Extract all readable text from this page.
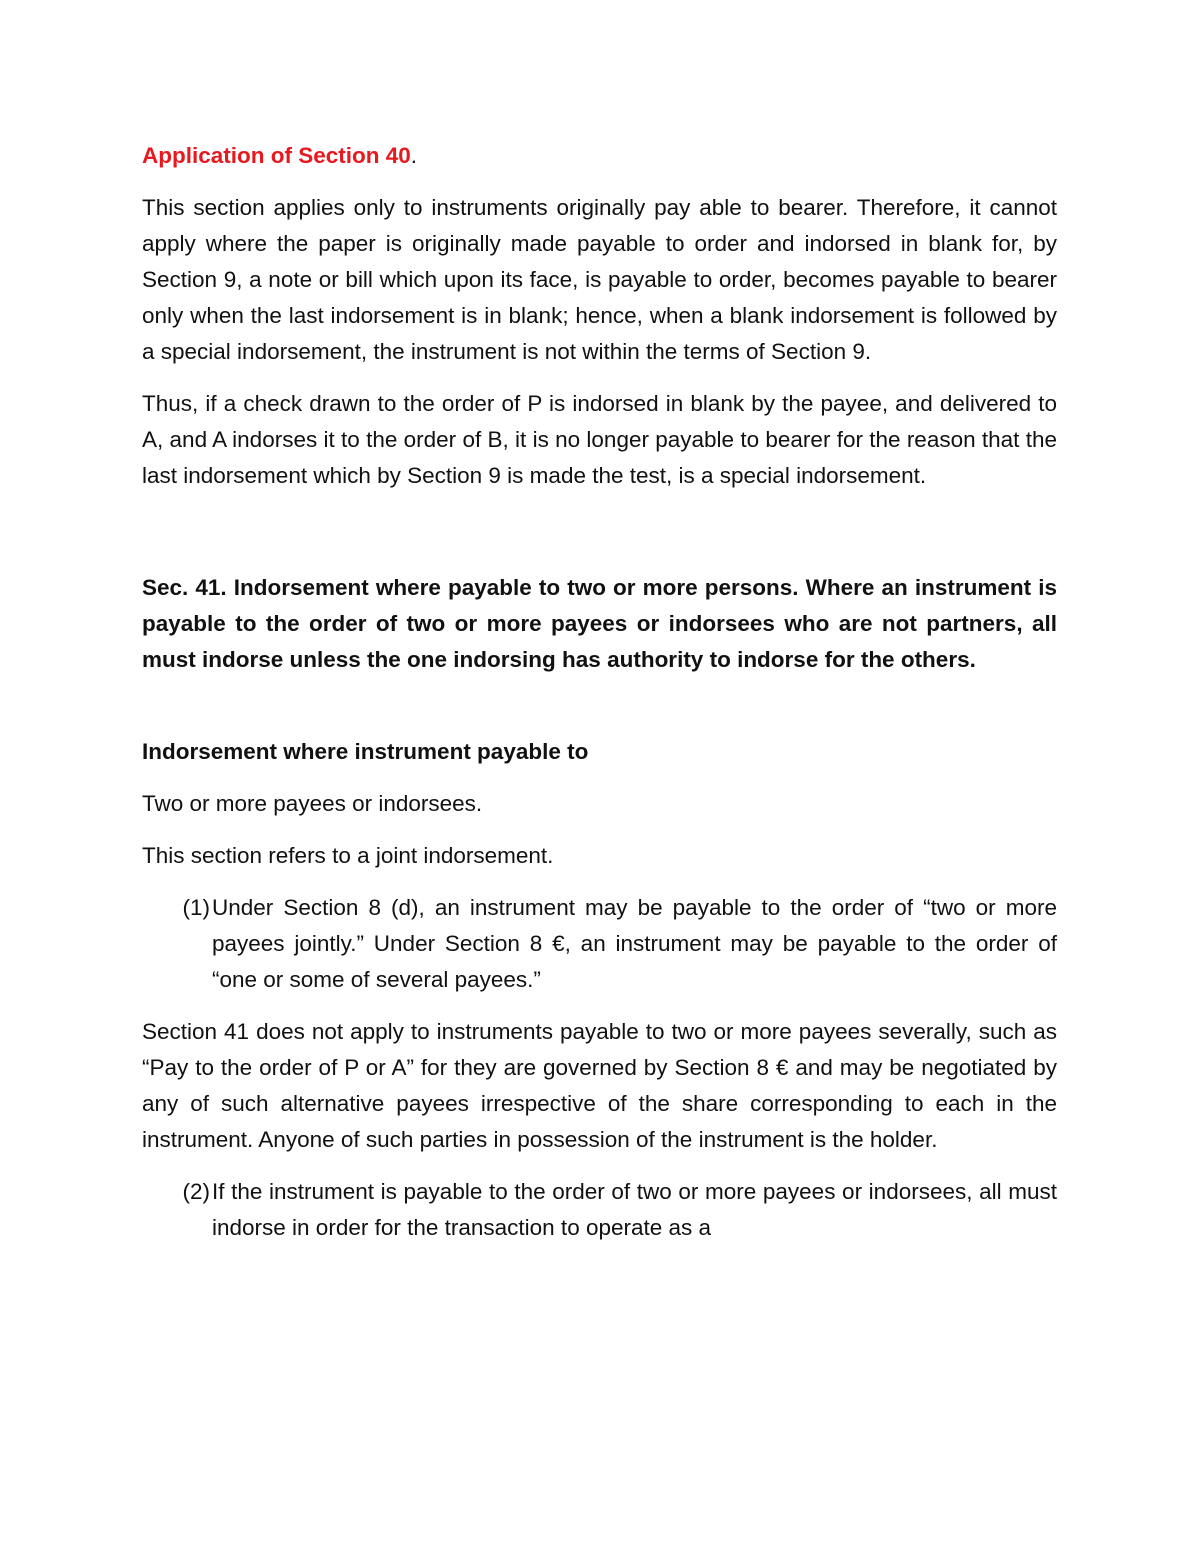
Application of Section 40.

This section applies only to instruments originally pay able to bearer. Therefore, it cannot apply where the paper is originally made payable to order and indorsed in blank for, by Section 9, a note or bill which upon its face, is payable to order, becomes payable to bearer only when the last indorsement is in blank; hence, when a blank indorsement is followed by a special indorsement, the instrument is not within the terms of Section 9.

Thus, if a check drawn to the order of P is indorsed in blank by the payee, and delivered to A, and A indorses it to the order of B, it is no longer payable to bearer for the reason that the last indorsement which by Section 9 is made the test, is a special indorsement.

Sec. 41. Indorsement where payable to two or more persons. Where an instrument is payable to the order of two or more payees or indorsees who are not partners, all must indorse unless the one indorsing has authority to indorse for the others.

Indorsement where instrument payable to

Two or more payees or indorsees.

This section refers to a joint indorsement.

(1) Under Section 8 (d), an instrument may be payable to the order of “two or more payees jointly.” Under Section 8 €, an instrument may be payable to the order of “one or some of several payees.”

Section 41 does not apply to instruments payable to two or more payees severally, such as “Pay to the order of P or A” for they are governed by Section 8 € and may be negotiated by any of such alternative payees irrespective of the share corresponding to each in the instrument. Anyone of such parties in possession of the instrument is the holder.

(2) If the instrument is payable to the order of two or more payees or indorsees, all must indorse in order for the transaction to operate as a
